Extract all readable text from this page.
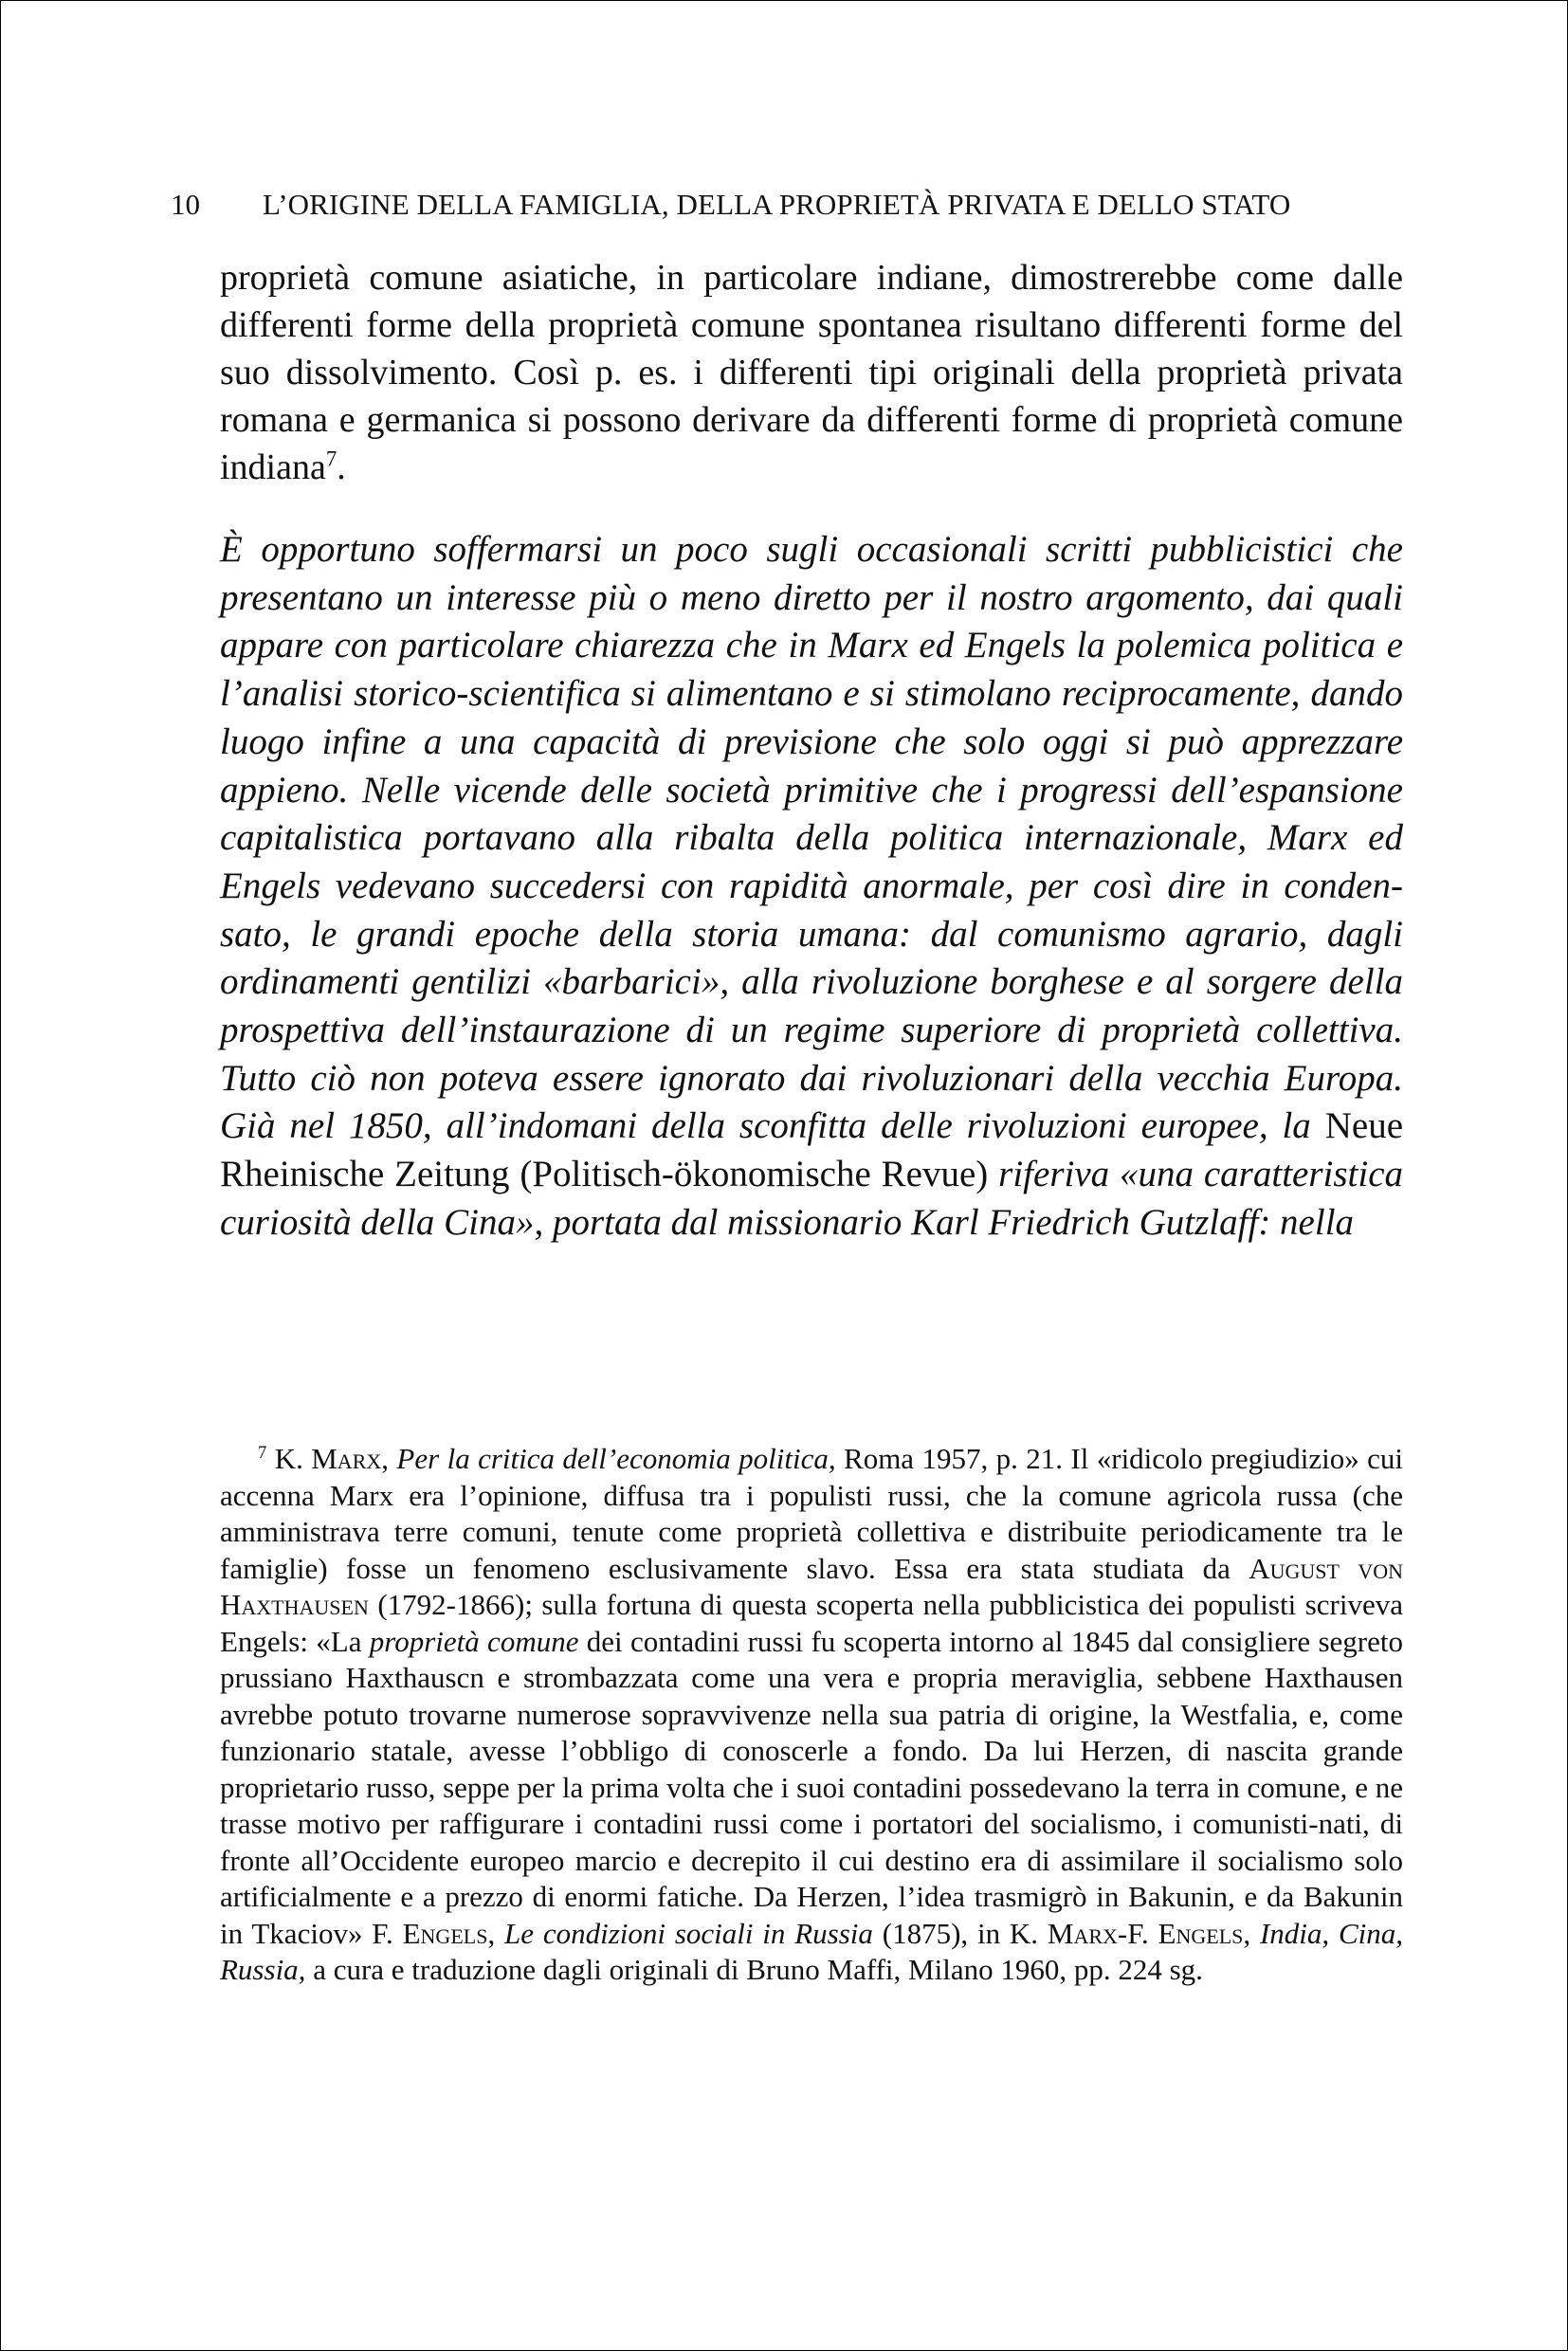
10 L’ORIGINE DELLA FAMIGLIA, DELLA PROPRIETÀ PRIVATA E DELLO STATO
proprietà comune asiatiche, in particolare indiane, dimostrerebbe come dalle differenti forme della proprietà comune spontanea risultano differenti forme del suo dissolvimento. Così p. es. i differenti tipi originali della proprietà privata romana e germanica si possono derivare da differenti forme di proprietà comune indiana$^7$.
È opportuno soffermarsi un poco sugli occasionali scritti pubblicistici che presentano un interesse più o meno diretto per il nostro argomento, dai quali appare con particolare chiarezza che in Marx ed Engels la polemica politica e l’analisi storico-scientifica si alimentano e si stimolano reciprocamente, dando luogo infine a una capacità di previsione che solo oggi si può apprezzare appieno. Nelle vicende delle società primitive che i progressi dell’espansione capitalistica portavano alla ribalta della politica internazionale, Marx ed Engels vedevano succedersi con rapidità anormale, per così dire in condensato, le grandi epoche della storia umana: dal comunismo agrario, dagli ordinamenti gentilizi «barbarici», alla rivoluzione borghese e al sorgere della prospettiva dell’instaurazione di un regime superiore di proprietà collettiva. Tutto ciò non poteva essere ignorato dai rivoluzionari della vecchia Europa. Già nel 1850, all’indomani della sconfitta delle rivoluzioni europee, la Neue Rheinische Zeitung (Politisch-ökonomische Revue) riferiva «una caratteristica curiosità della Cina», portata dal missionario Karl Friedrich Gutzlaff: nella
$^7$ K. Marx, Per la critica dell’economia politica, Roma 1957, p. 21. Il «ridicolo pregiudizio» cui accenna Marx era l’opinione, diffusa tra i populisti russi, che la comune agricola russa (che amministrava terre comuni, tenute come proprietà collettiva e distribuite periodicamente tra le famiglie) fosse un fenomeno esclusivamente slavo. Essa era stata studiata da August von Haxthausen (1792-1866); sulla fortuna di questa scoperta nella pubblicistica dei populisti scriveva Engels: «La proprietà comune dei contadini russi fu scoperta intorno al 1845 dal consigliere segreto prussiano Haxthauscn e strombazzata come una vera e propria meraviglia, sebbene Haxthausen avrebbe potuto trovarne numerose sopravvivenze nella sua patria di origine, la Westfalia, e, come funzionario statale, avesse l’obbligo di conoscerle a fondo. Da lui Herzen, di nascita grande proprietario russo, seppe per la prima volta che i suoi contadini possedevano la terra in comune, e ne trasse motivo per raffigurare i contadini russi come i portatori del socialismo, i comunisti-nati, di fronte all’Occidente europeo marcio e decrepito il cui destino era di assimilare il socialismo solo artificialmente e a prezzo di enormi fatiche. Da Herzen, l’idea trasmigrò in Bakunin, e da Bakunin in Tkaciov» F. Engels, Le condizioni sociali in Russia (1875), in K. Marx-F. Engels, India, Cina, Russia, a cura e traduzione dagli originali di Bruno Maffi, Milano 1960, pp. 224 sg.
